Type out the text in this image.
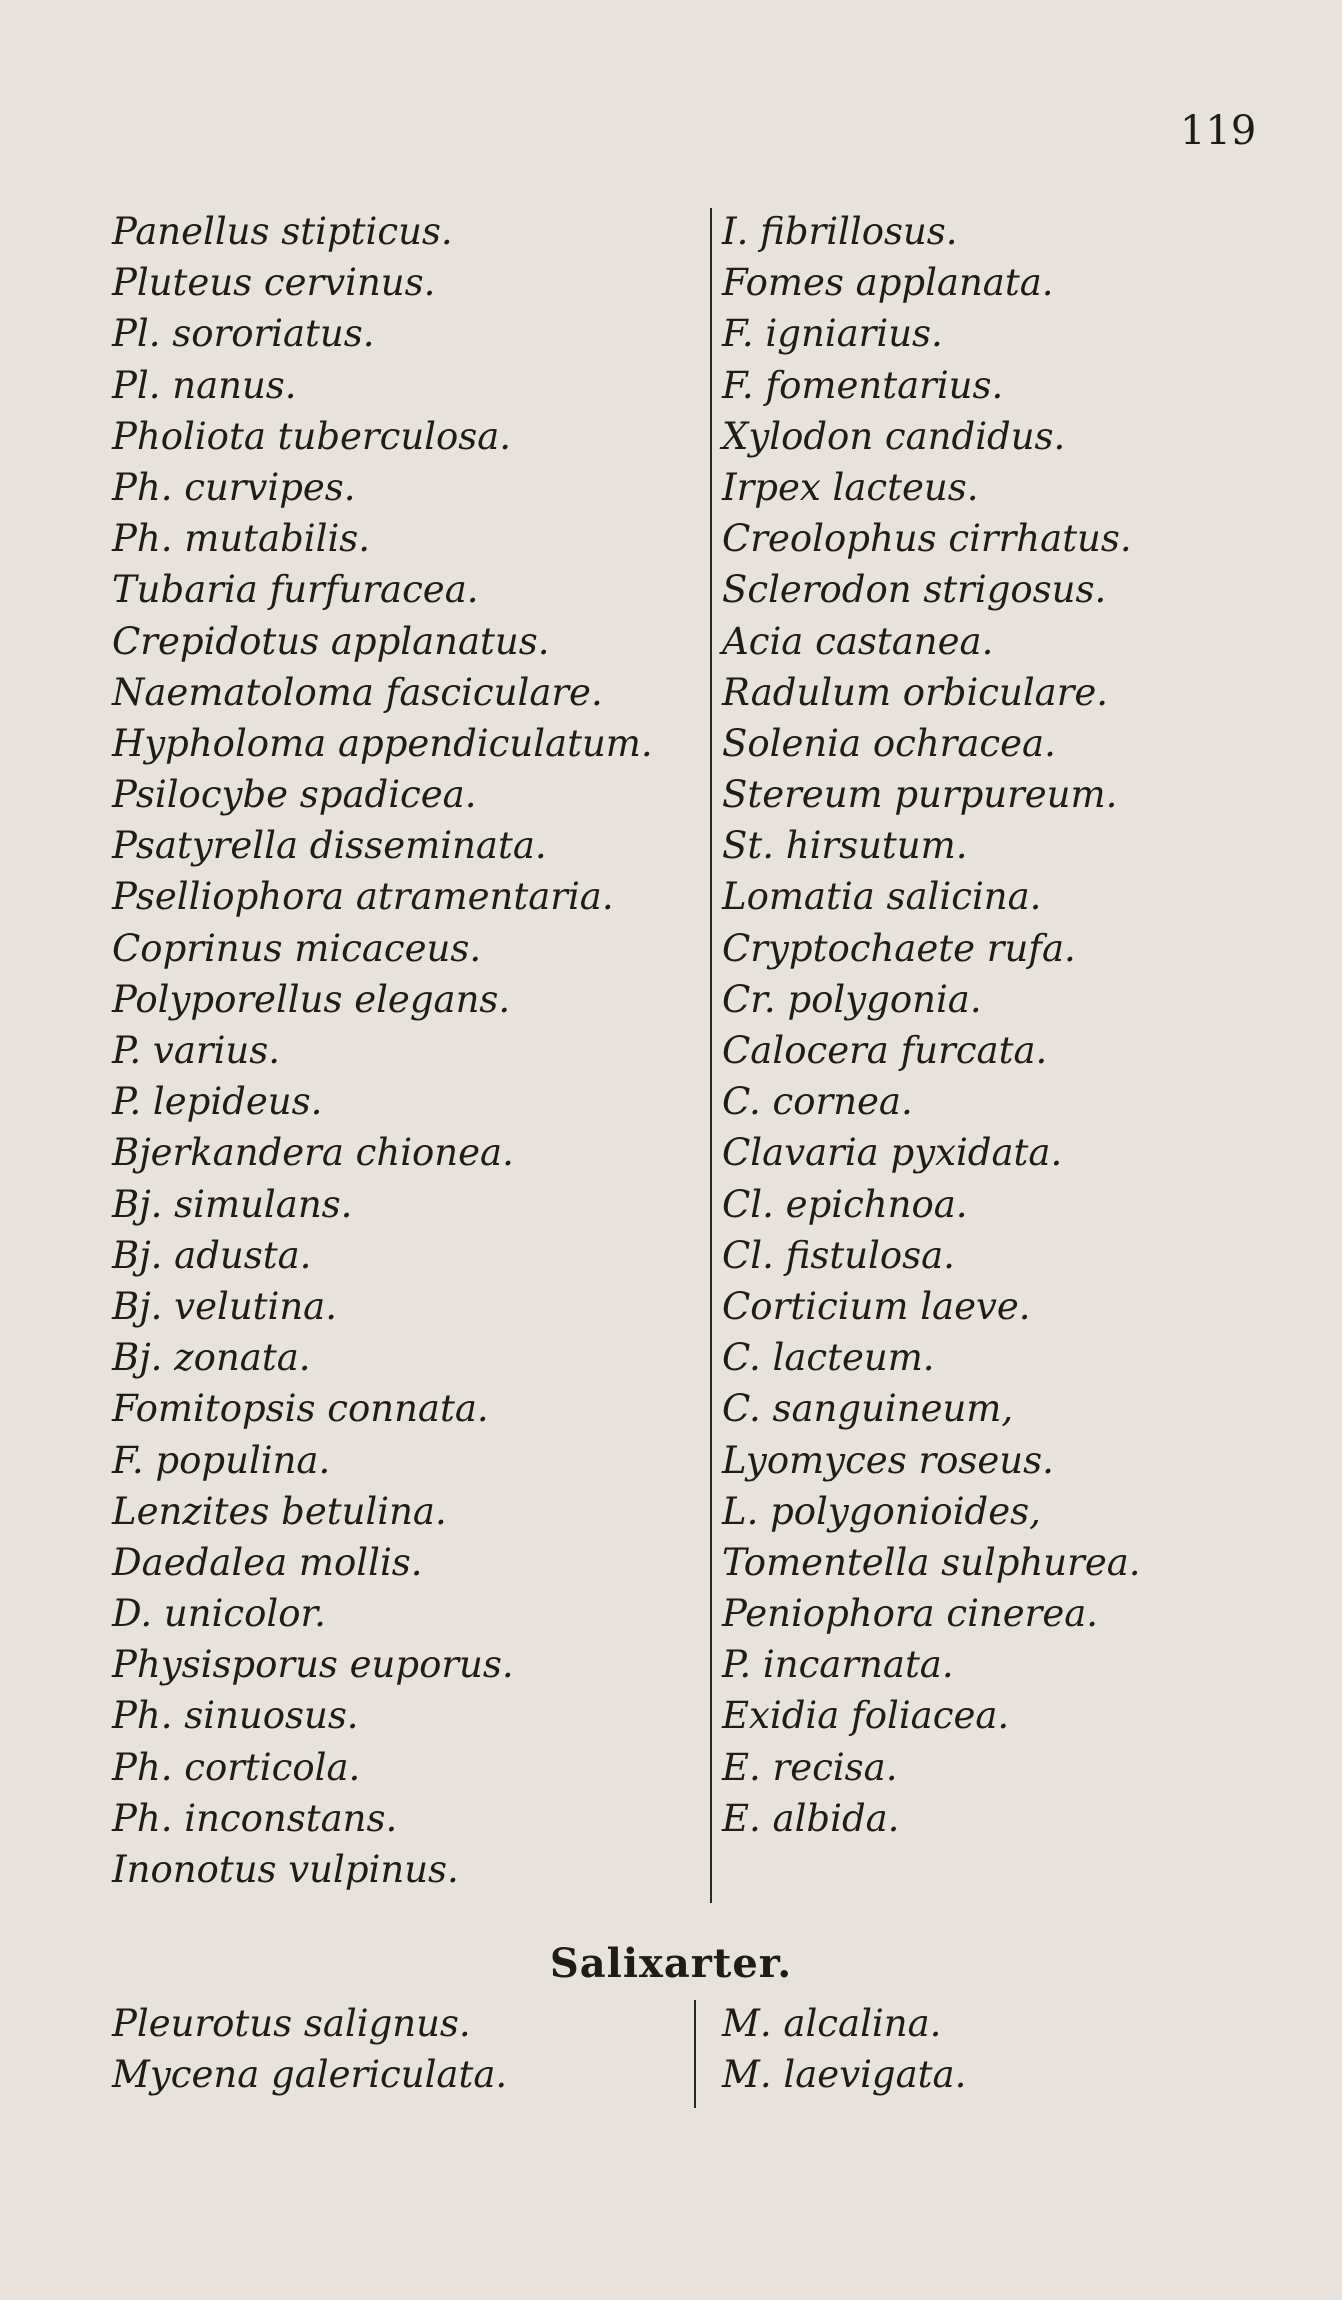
119
Panellus stipticus.
Pluteus cervinus.
Pl. sororiatus.
Pl. nanus.
Pholiota tuberculosa.
Ph. curvipes.
Ph. mutabilis.
Tubaria furfuracea.
Crepidotus applanatus.
Naematoloma fasciculare.
Hypholoma appendiculatum.
Psilocybe spadicea.
Psatyrella disseminata.
Pselliophora atramentaria.
Coprinus micaceus.
Polyporellus elegans.
P. varius.
P. lepideus.
Bjerkandera chionea.
Bj. simulans.
Bj. adusta.
Bj. velutina.
Bj. zonata.
Fomitopsis connata.
F. populina.
Lenzites betulina.
Daedalea mollis.
D. unicolor.
Physisporus euporus.
Ph. sinuosus.
Ph. corticola.
Ph. inconstans.
Inonotus vulpinus.
I. fibrillosus.
Fomes applanata.
F. igniarius.
F. fomentarius.
Xylodon candidus.
Irpex lacteus.
Creolophus cirrhatus.
Sclerodon strigosus.
Acia castanea.
Radulum orbiculare.
Solenia ochracea.
Stereum purpureum.
St. hirsutum.
Lomatia salicina.
Cryptochaete rufa.
Cr. polygonia.
Calocera furcata.
C. cornea.
Clavaria pyxidata.
Cl. epichnoa.
Cl. fistulosa.
Corticium laeve.
C. lacteum.
C. sanguineum,
Lyomyces roseus.
L. polygonioides,
Tomentella sulphurea.
Peniophora cinerea.
P. incarnata.
Exidia foliacea.
E. recisa.
E. albida.
Salixarter.
Pleurotus salignus.
Mycena galericulata.
M. alcalina.
M. laevigata.
